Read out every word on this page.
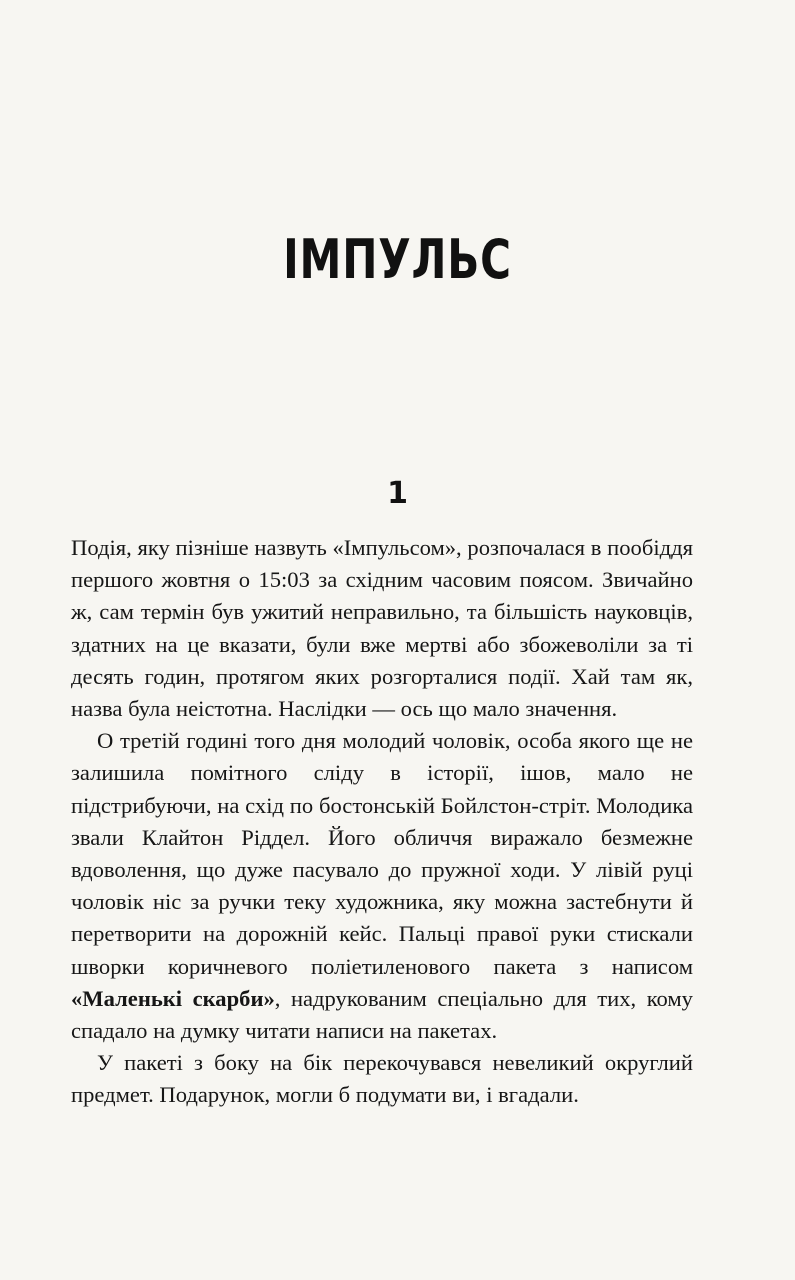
ІМПУЛЬС
1

Подія, яку пізніше назвуть «Імпульсом», розпочалася в пообіддя першого жовтня о 15:03 за східним часовим поясом. Звичайно ж, сам термін був ужитий неправильно, та більшість науковців, здатних на це вказати, були вже мертві або збожеволіли за ті десять годин, протягом яких розгорталися події. Хай там як, назва була неістотна. Наслідки — ось що мало значення.

О третій годині того дня молодий чоловік, особа якого ще не залишила помітного сліду в історії, ішов, мало не підстрибуючи, на схід по бостонській Бойлстон-стріт. Молодика звали Клайтон Ріддел. Його обличчя виражало безмежне вдоволення, що дуже пасувало до пружної ходи. У лівій руці чоловік ніс за ручки теку художника, яку можна застебнути й перетворити на дорожній кейс. Пальці правої руки стискали шворки коричневого поліетиленового пакета з написом «Маленькі скарби», надрукованим спеціально для тих, кому спадало на думку читати написи на пакетах.

У пакеті з боку на бік перекочувався невеликий округлий предмет. Подарунок, могли б подумати ви, і вгадали.
